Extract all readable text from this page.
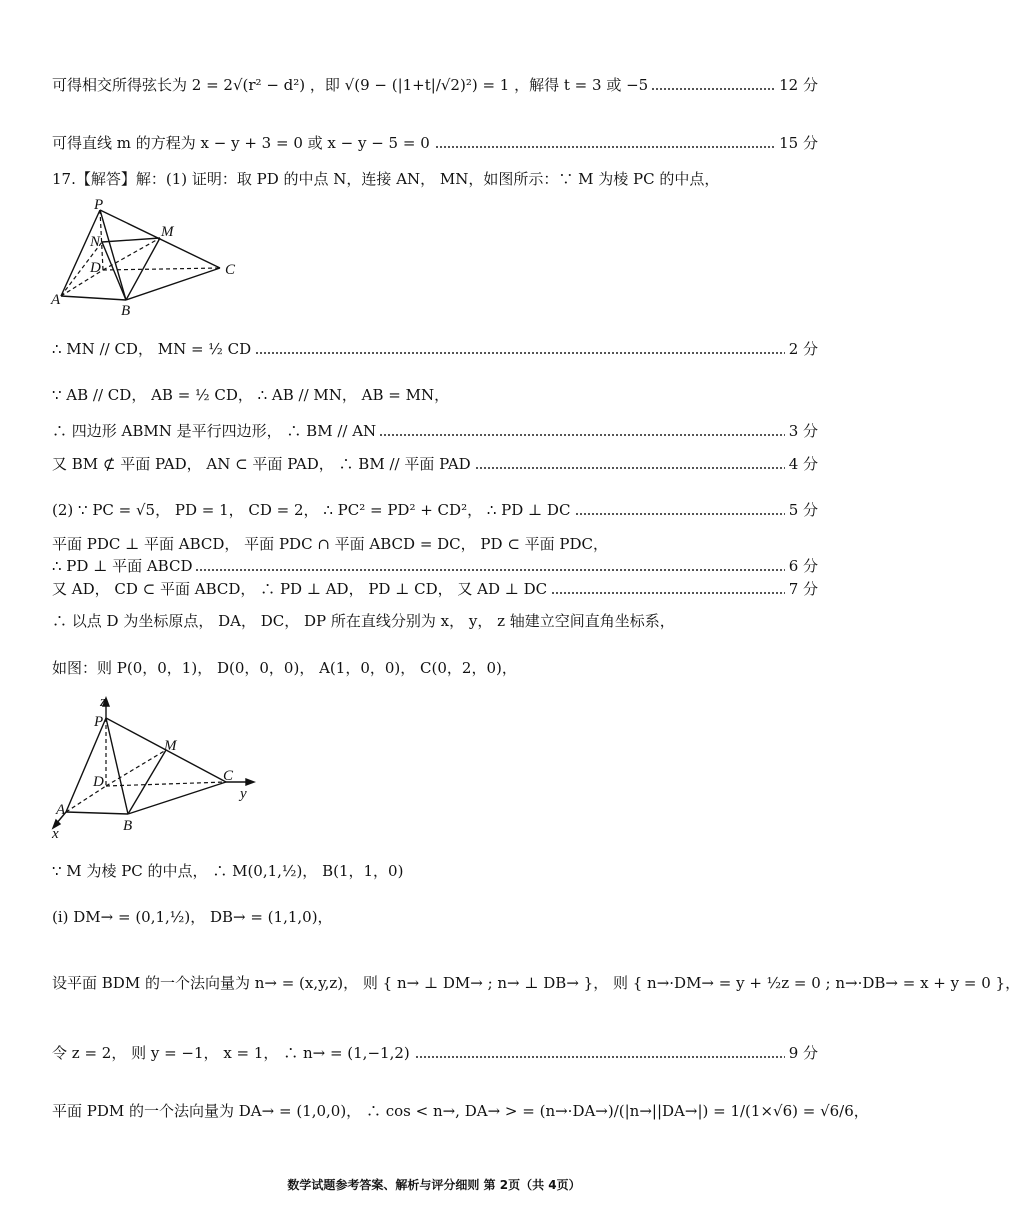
可得相交所得弦长为 2 = 2√(r² − d²) ，即 √(9 − (|1+t|/√2)²) = 1 ，解得 t = 3 或 −5	12 分
可得直线 m 的方程为 x − y + 3 = 0 或 x − y − 5 = 0	15 分
17.【解答】解：(1) 证明：取 PD 的中点 N，连接 AN， MN，如图所示：∵ M 为棱 PC 的中点，
P
M
N
D	C
A
B
∴ MN // CD， MN = ½ CD	2 分
∵ AB // CD， AB = ½ CD， ∴ AB // MN， AB = MN，
∴ 四边形 ABMN 是平行四边形， ∴ BM // AN	3 分
又 BM ⊄ 平面 PAD， AN ⊂ 平面 PAD， ∴ BM // 平面 PAD	4 分
(2) ∵ PC = √5， PD = 1， CD = 2， ∴ PC² = PD² + CD²， ∴ PD ⊥ DC	5 分
平面 PDC ⊥ 平面 ABCD， 平面 PDC ∩ 平面 ABCD = DC， PD ⊂ 平面 PDC，
∴ PD ⊥ 平面 ABCD	6 分
又 AD， CD ⊂ 平面 ABCD， ∴ PD ⊥ AD， PD ⊥ CD， 又 AD ⊥ DC	7 分
∴ 以点 D 为坐标原点， DA， DC， DP 所在直线分别为 x， y， z 轴建立空间直角坐标系，
如图：则 P(0，0，1)， D(0，0，0)， A(1，0，0)， C(0，2，0)，
z
P
M
D	C
y
A
B
x
∵ M 为棱 PC 的中点， ∴ M(0,1,½)， B(1，1，0)
(i) DM→ = (0,1,½)， DB→ = (1,1,0)，
设平面 BDM 的一个法向量为 n→ = (x,y,z)， 则 { n→ ⊥ DM→ ; n→ ⊥ DB→ }， 则 { n→·DM→ = y + ½z = 0 ; n→·DB→ = x + y = 0 }，
令 z = 2， 则 y = −1， x = 1， ∴ n→ = (1,−1,2)	9 分
平面 PDM 的一个法向量为 DA→ = (1,0,0)， ∴ cos < n→, DA→ > = (n→·DA→)/(|n→||DA→|) = 1/(1×√6) = √6/6，
数学试题参考答案、解析与评分细则 第 2页（共 4页）
